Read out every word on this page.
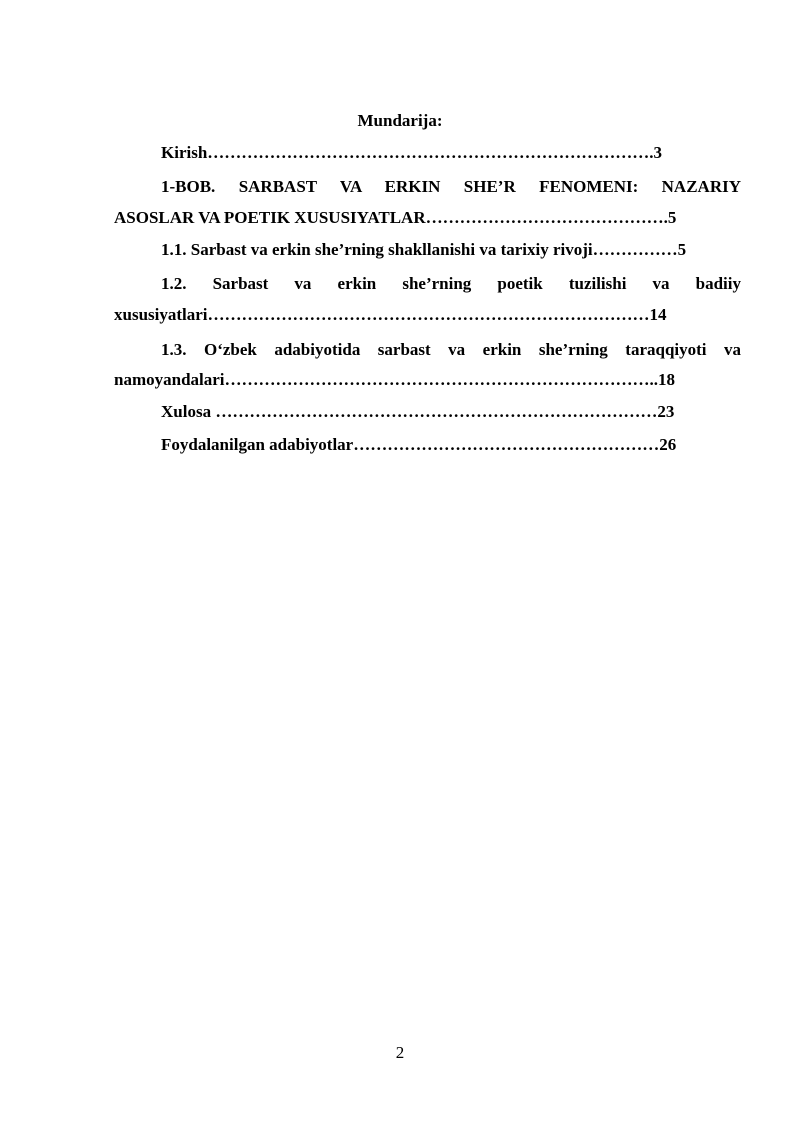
Mundarija:

Kirish…………………………………………………………………….3

1-BOB. SARBAST VA ERKIN SHE’R FENOMENI: NAZARIY

ASOSLAR VA POETIK XUSUSIYATLAR…………………………………….5

1.1. Sarbast va erkin she’rning shakllanishi va tarixiy rivoji……………5

1.2. Sarbast va erkin she’rning poetik tuzilishi va badiiy

xususiyatlari……………………………………………………………………14

1.3. O‘zbek adabiyotida sarbast va erkin she’rning taraqqiyoti va

namoyandalari…………………………………………………………………..18

Xulosa ……………………………………………………………………23

Foydalanilgan adabiyotlar………………………………………………26

2
